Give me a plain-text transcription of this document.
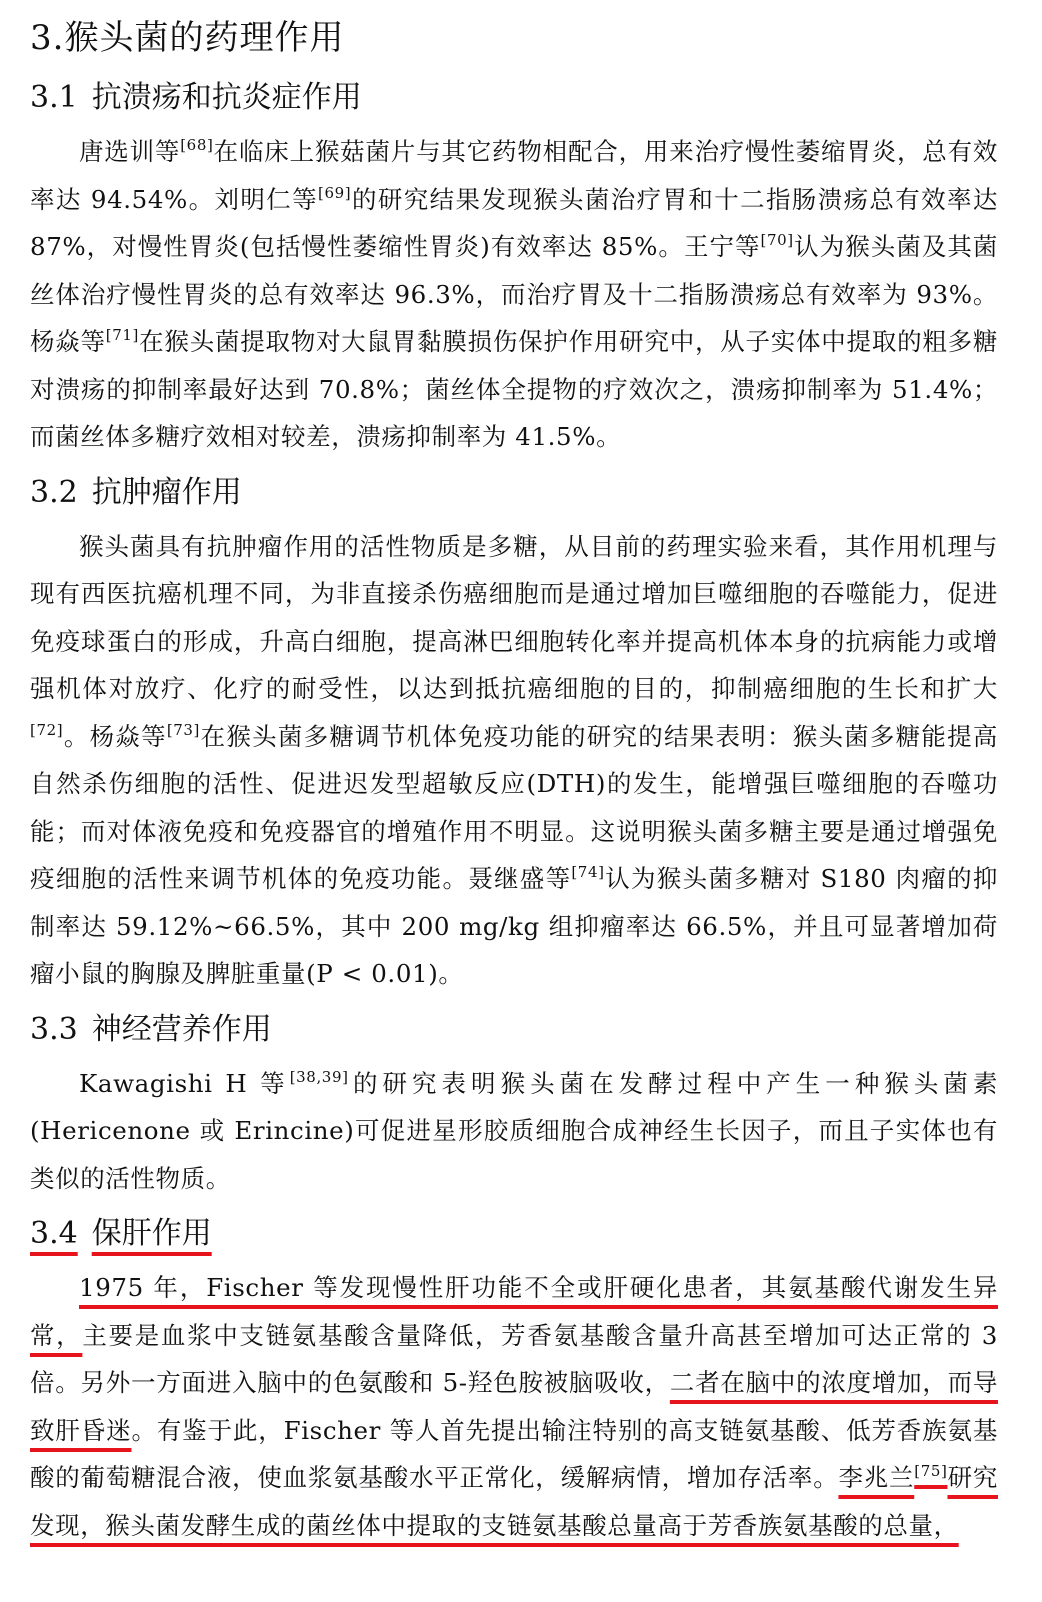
3.猴头菌的药理作用
3.1 抗溃疡和抗炎症作用

唐选训等[68]在临床上猴菇菌片与其它药物相配合，用来治疗慢性萎缩胃炎，总有效率达 94.54%。刘明仁等[69]的研究结果发现猴头菌治疗胃和十二指肠溃疡总有效率达 87%，对慢性胃炎(包括慢性萎缩性胃炎)有效率达 85%。王宁等[70]认为猴头菌及其菌丝体治疗慢性胃炎的总有效率达 96.3%，而治疗胃及十二指肠溃疡总有效率为 93%。杨焱等[71]在猴头菌提取物对大鼠胃黏膜损伤保护作用研究中，从子实体中提取的粗多糖对溃疡的抑制率最好达到 70.8%；菌丝体全提物的疗效次之，溃疡抑制率为 51.4%；而菌丝体多糖疗效相对较差，溃疡抑制率为 41.5%。

3.2 抗肿瘤作用

猴头菌具有抗肿瘤作用的活性物质是多糖，从目前的药理实验来看，其作用机理与现有西医抗癌机理不同，为非直接杀伤癌细胞而是通过增加巨噬细胞的吞噬能力，促进免疫球蛋白的形成，升高白细胞，提高淋巴细胞转化率并提高机体本身的抗病能力或增强机体对放疗、化疗的耐受性，以达到抵抗癌细胞的目的，抑制癌细胞的生长和扩大[72]。杨焱等[73]在猴头菌多糖调节机体免疫功能的研究的结果表明：猴头菌多糖能提高自然杀伤细胞的活性、促进迟发型超敏反应(DTH)的发生，能增强巨噬细胞的吞噬功能；而对体液免疫和免疫器官的增殖作用不明显。这说明猴头菌多糖主要是通过增强免疫细胞的活性来调节机体的免疫功能。聂继盛等[74]认为猴头菌多糖对 S180 肉瘤的抑制率达 59.12%~66.5%，其中 200 mg/kg 组抑瘤率达 66.5%，并且可显著增加荷瘤小鼠的胸腺及脾脏重量(P < 0.01)。

3.3 神经营养作用

Kawagishi H 等[38,39]的研究表明猴头菌在发酵过程中产生一种猴头菌素(Hericenone 或 Erincine)可促进星形胶质细胞合成神经生长因子，而且子实体也有类似的活性物质。

3.4 保肝作用

1975 年，Fischer 等发现慢性肝功能不全或肝硬化患者，其氨基酸代谢发生异常，主要是血浆中支链氨基酸含量降低，芳香氨基酸含量升高甚至增加可达正常的 3 倍。另外一方面进入脑中的色氨酸和 5-羟色胺被脑吸收，二者在脑中的浓度增加，而导致肝昏迷。有鉴于此，Fischer 等人首先提出输注特别的高支链氨基酸、低芳香族氨基酸的葡萄糖混合液，使血浆氨基酸水平正常化，缓解病情，增加存活率。李兆兰[75]研究发现，猴头菌发酵生成的菌丝体中提取的支链氨基酸总量高于芳香族氨基酸的总量，
